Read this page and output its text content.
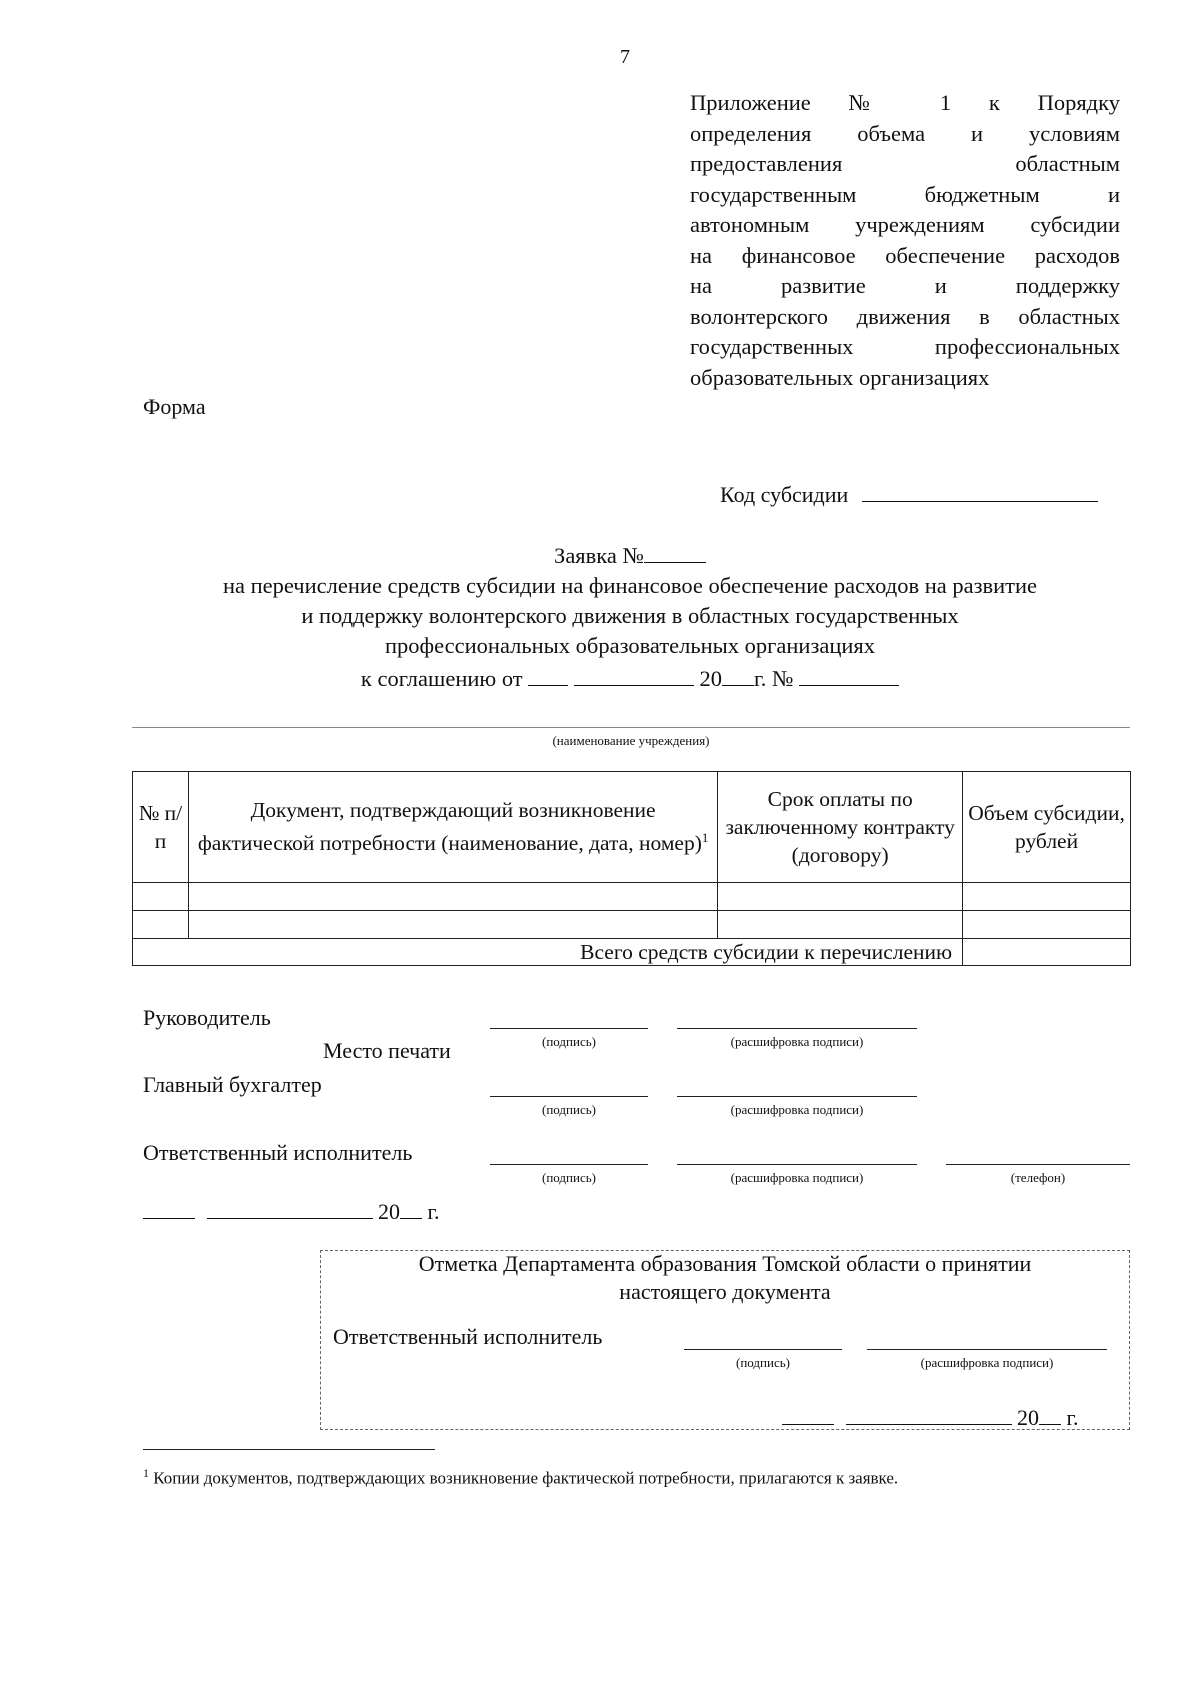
7
Приложение № 1 к Порядку
определения объема и условиям
предоставления областным
государственным бюджетным и
автономным учреждениям субсидии
на финансовое обеспечение расходов
на развитие и поддержку
волонтерского движения в областных
государственных профессиональных
образовательных организациях
Форма
Код субсидии
Заявка №
на перечисление средств субсидии на финансовое обеспечение расходов на развитие
и поддержку волонтерского движения в областных государственных
профессиональных образовательных организациях
к соглашению от	20 г. №
(наименование учреждения)
№ п/п	Документ, подтверждающий возникновение фактической потребности (наименование, дата, номер)$^1$	Срок оплаты по заключенному контракту (договору)	Объем субсидии, рублей

Всего средств субсидии к перечислению			
Руководитель
(подпись)	(расшифровка подписи)
Место печати
Главный бухгалтер
(подпись)	(расшифровка подписи)
Ответственный исполнитель
(подпись)	(расшифровка подписи)	(телефон)
20 г.
Отметка Департамента образования Томской области о принятии
настоящего документа
Ответственный исполнитель
(подпись)	(расшифровка подписи)
20 г.
$^1$ Копии документов, подтверждающих возникновение фактической потребности, прилагаются к заявке.
